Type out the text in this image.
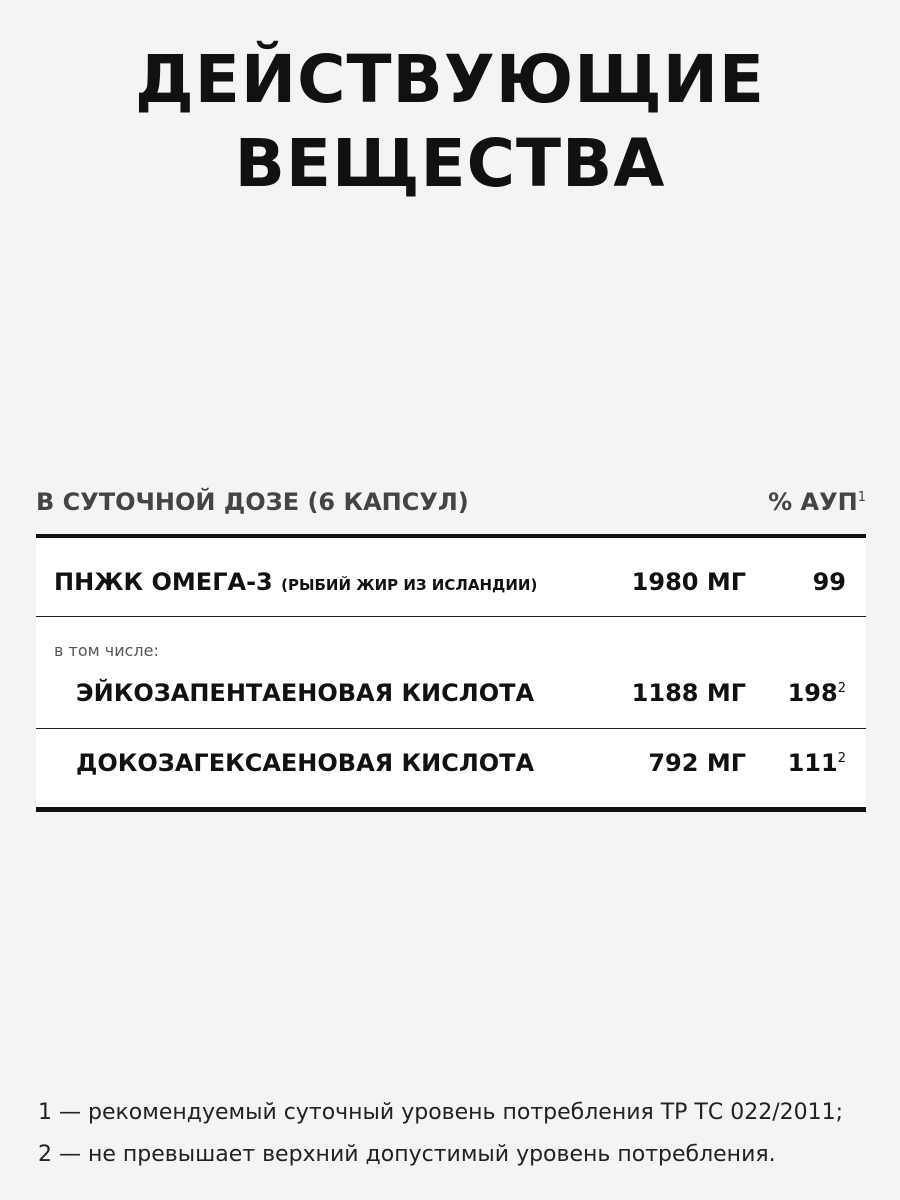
ДЕЙСТВУЮЩИЕ
ВЕЩЕСТВА
В СУТОЧНОЙ ДОЗЕ (6 КАПСУЛ)	% АУП$^1$
ПНЖК ОМЕГА-3 (РЫБИЙ ЖИР ИЗ ИСЛАНДИИ)	1980 МГ	99
в том числе:
ЭЙКОЗАПЕНТАЕНОВАЯ КИСЛОТА	1188 МГ $198^2$
ДОКОЗАГЕКСАЕНОВАЯ КИСЛОТА	792 МГ $111^2$
1 — рекомендуемый суточный уровень потребления ТР ТС 022/2011;
2 — не превышает верхний допустимый уровень потребления.
